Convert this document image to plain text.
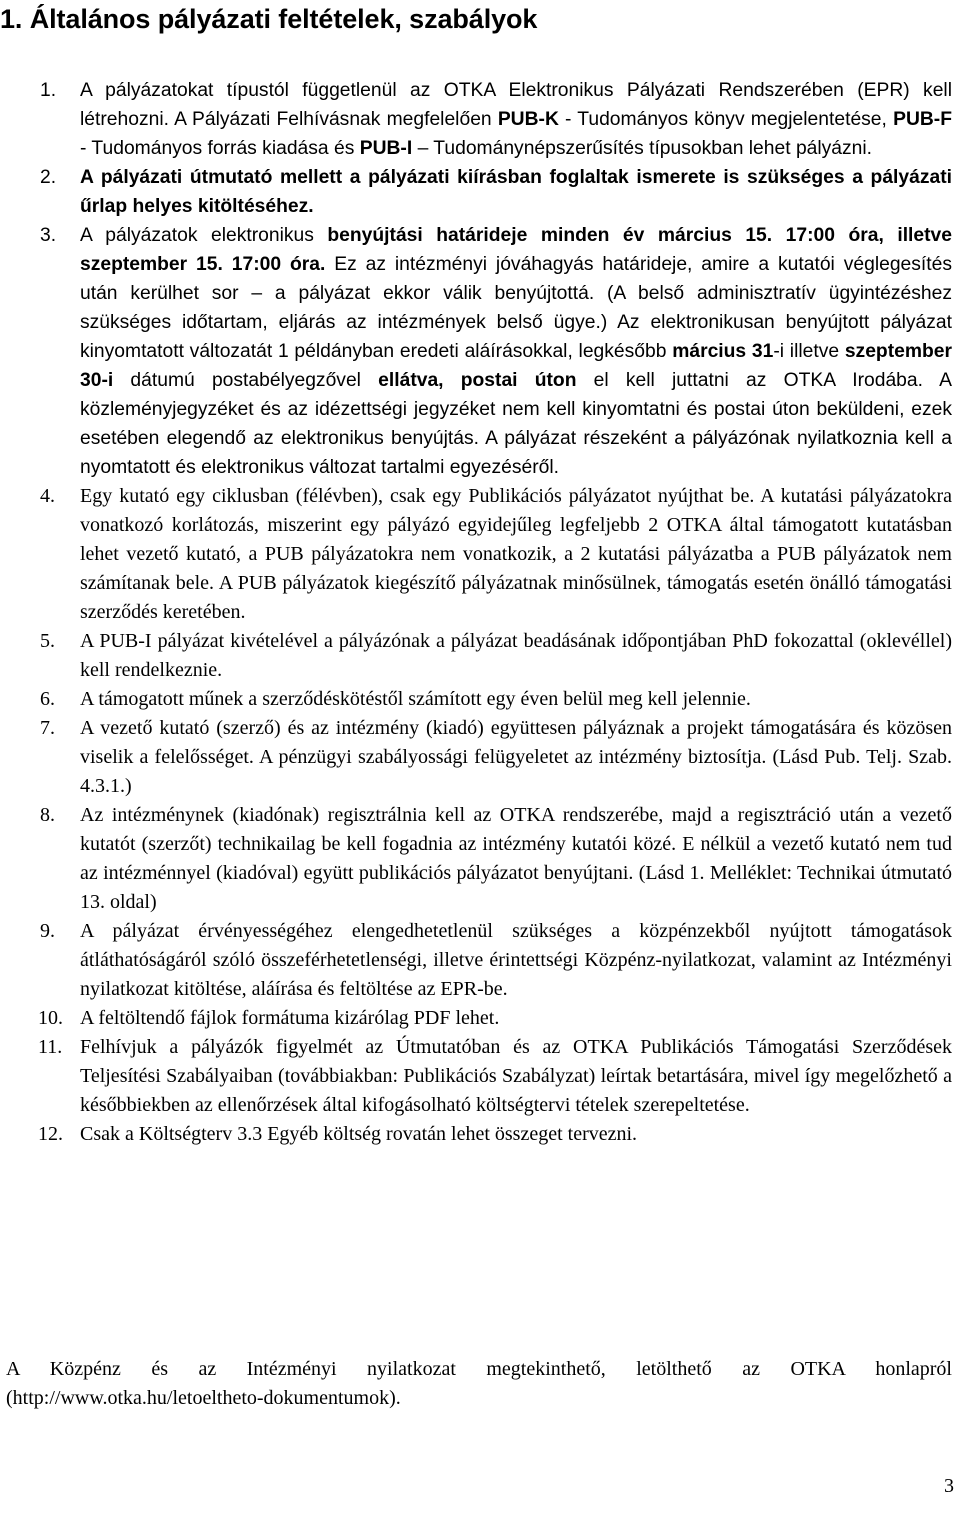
1. Általános pályázati feltételek, szabályok
1. A pályázatokat típustól függetlenül az OTKA Elektronikus Pályázati Rendszerében (EPR) kell létrehozni. A Pályázati Felhívásnak megfelelően PUB-K - Tudományos könyv megjelentetése, PUB-F - Tudományos forrás kiadása és PUB-I – Tudománynépszerűsítés típusokban lehet pályázni.
2. A pályázati útmutató mellett a pályázati kiírásban foglaltak ismerete is szükséges a pályázati űrlap helyes kitöltéséhez.
3. A pályázatok elektronikus benyújtási határideje minden év március 15. 17:00 óra, illetve szeptember 15. 17:00 óra. Ez az intézményi jóváhagyás határideje, amire a kutatói véglegesítés után kerülhet sor – a pályázat ekkor válik benyújtottá. (A belső adminisztratív ügyintézéshez szükséges időtartam, eljárás az intézmények belső ügye.) Az elektronikusan benyújtott pályázat kinyomtatott változatát 1 példányban eredeti aláírásokkal, legkésőbb március 31-i illetve szeptember 30-i dátumú postabélyegzővel ellátva, postai úton el kell juttatni az OTKA Irodába. A közleményjegyzéket és az idézettségi jegyzéket nem kell kinyomtatni és postai úton beküldeni, ezek esetében elegendő az elektronikus benyújtás. A pályázat részeként a pályázónak nyilatkoznia kell a nyomtatott és elektronikus változat tartalmi egyezéséről.
4. Egy kutató egy ciklusban (félévben), csak egy Publikációs pályázatot nyújthat be. A kutatási pályázatokra vonatkozó korlátozás, miszerint egy pályázó egyidejűleg legfeljebb 2 OTKA által támogatott kutatásban lehet vezető kutató, a PUB pályázatokra nem vonatkozik, a 2 kutatási pályázatba a PUB pályázatok nem számítanak bele. A PUB pályázatok kiegészítő pályázatnak minősülnek, támogatás esetén önálló támogatási szerződés keretében.
5. A PUB-I pályázat kivételével a pályázónak a pályázat beadásának időpontjában PhD fokozattal (oklevéllel) kell rendelkeznie.
6. A támogatott műnek a szerződéskötéstől számított egy éven belül meg kell jelennie.
7. A vezető kutató (szerző) és az intézmény (kiadó) együttesen pályáznak a projekt támogatására és közösen viselik a felelősséget. A pénzügyi szabályossági felügyeletet az intézmény biztosítja. (Lásd Pub. Telj. Szab. 4.3.1.)
8. Az intézménynek (kiadónak) regisztrálnia kell az OTKA rendszerébe, majd a regisztráció után a vezető kutatót (szerzőt) technikailag be kell fogadnia az intézmény kutatói közé. E nélkül a vezető kutató nem tud az intézménnyel (kiadóval) együtt publikációs pályázatot benyújtani. (Lásd 1. Melléklet: Technikai útmutató 13. oldal)
9. A pályázat érvényességéhez elengedhetetlenül szükséges a közpénzekből nyújtott támogatások átláthatóságáról szóló összeférhetetlenségi, illetve érintettségi Közpénz-nyilatkozat, valamint az Intézményi nyilatkozat kitöltése, aláírása és feltöltése az EPR-be.
10. A feltöltendő fájlok formátuma kizárólag PDF lehet.
11. Felhívjuk a pályázók figyelmét az Útmutatóban és az OTKA Publikációs Támogatási Szerződések Teljesítési Szabályaiban (továbbiakban: Publikációs Szabályzat) leírtak betartására, mivel így megelőzhető a későbbiekben az ellenőrzések által kifogásolható költségtervi tételek szerepeltetése.
12. Csak a Költségterv 3.3 Egyéb költség rovatán lehet összeget tervezni.

A Közpénz és az Intézményi nyilatkozat megtekinthető, letölthető az OTKA honlapról (http://www.otka.hu/letoeltheto-dokumentumok).

3
